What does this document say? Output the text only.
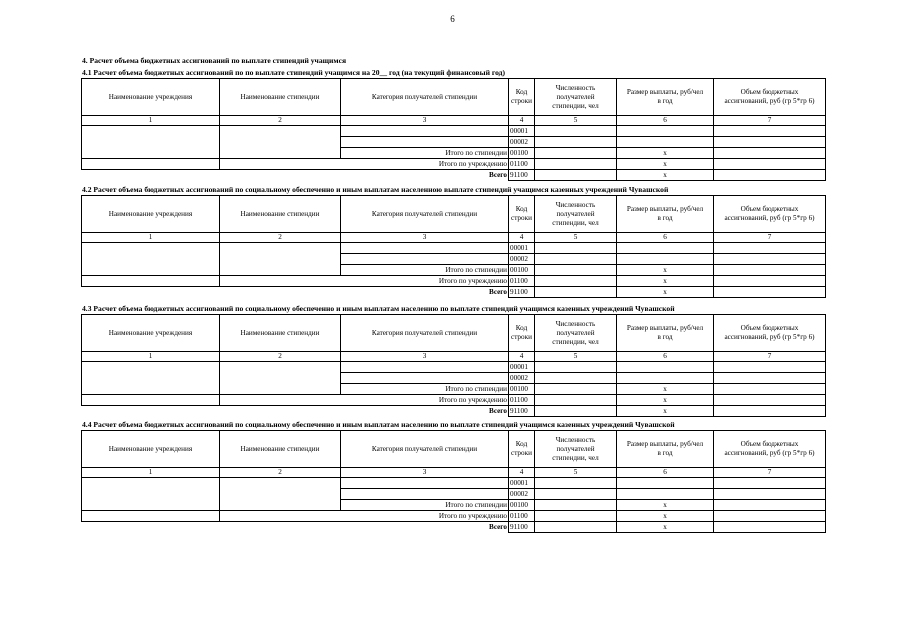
6
4. Расчет объема бюджетных ассигнований по выплате стипендий учащимся
4.1 Расчет объема бюджетных ассигнований по по выплате стипендий учащимся на 20__ год (на текущий финансовый год)
Наименование учреждения	Наименование стипендии	Категория получателей стипендии	Код строки	Численность получателей стипендии, чел	Размер выплаты, руб/чел в год	Объем бюджетных ассигнований, руб (гр 5*гр 6)
1	2	3	4	5	6	7
			00001			
			00002			
		Итого по стипендии	00100		x	
	Итого по учреждению		01100		x	
		Всего	91100		x	
4.2 Расчет объема бюджетных ассигнований по социальному обеспеченно и иным выплатам населенною выплате стипендий учащимся казенных учреждений Чувашской
Наименование учреждения	Наименование стипендии	Категория получателей стипендии	Код строки	Численность получателей стипендии, чел	Размер выплаты, руб/чел в год	Объем бюджетных ассигнований, руб (гр 5*гр 6)
1	2	3	4	5	6	7
			00001			
			00002			
		Итого по стипендии	00100		x	
	Итого по учреждению		01100		x	
		Всего	91100		x	
4.3 Расчет объема бюджетных ассигнований по социальному обеспеченно и иным выплатам населению по выплате стипендий учащимся казенных учреждений Чувашской
Наименование учреждения	Наименование стипендии	Категория получателей стипендии	Код строки	Численность получателей стипендии, чел	Размер выплаты, руб/чел в год	Объем бюджетных ассигнований, руб (гр 5*гр 6)
1	2	3	4	5	6	7
			00001			
			00002			
		Итого по стипендии	00100		x	
	Итого по учреждению		01100		x	
		Всего	91100		x	
4.4 Расчет объема бюджетных ассигнований по социальному обеспеченно и иным выплатам населению по выплате стипендий учащимся казенных учреждений Чувашской
Наименование учреждения	Наименование стипендии	Категория получателей стипендии	Код строки	Численность получателей стипендии, чел	Размер выплаты, руб/чел в год	Объем бюджетных ассигнований, руб (гр 5*гр 6)
1	2	3	4	5	6	7
			00001			
			00002			
		Итого по стипендии	00100		x	
	Итого по учреждению		01100		x	
		Всего	91100		x	
